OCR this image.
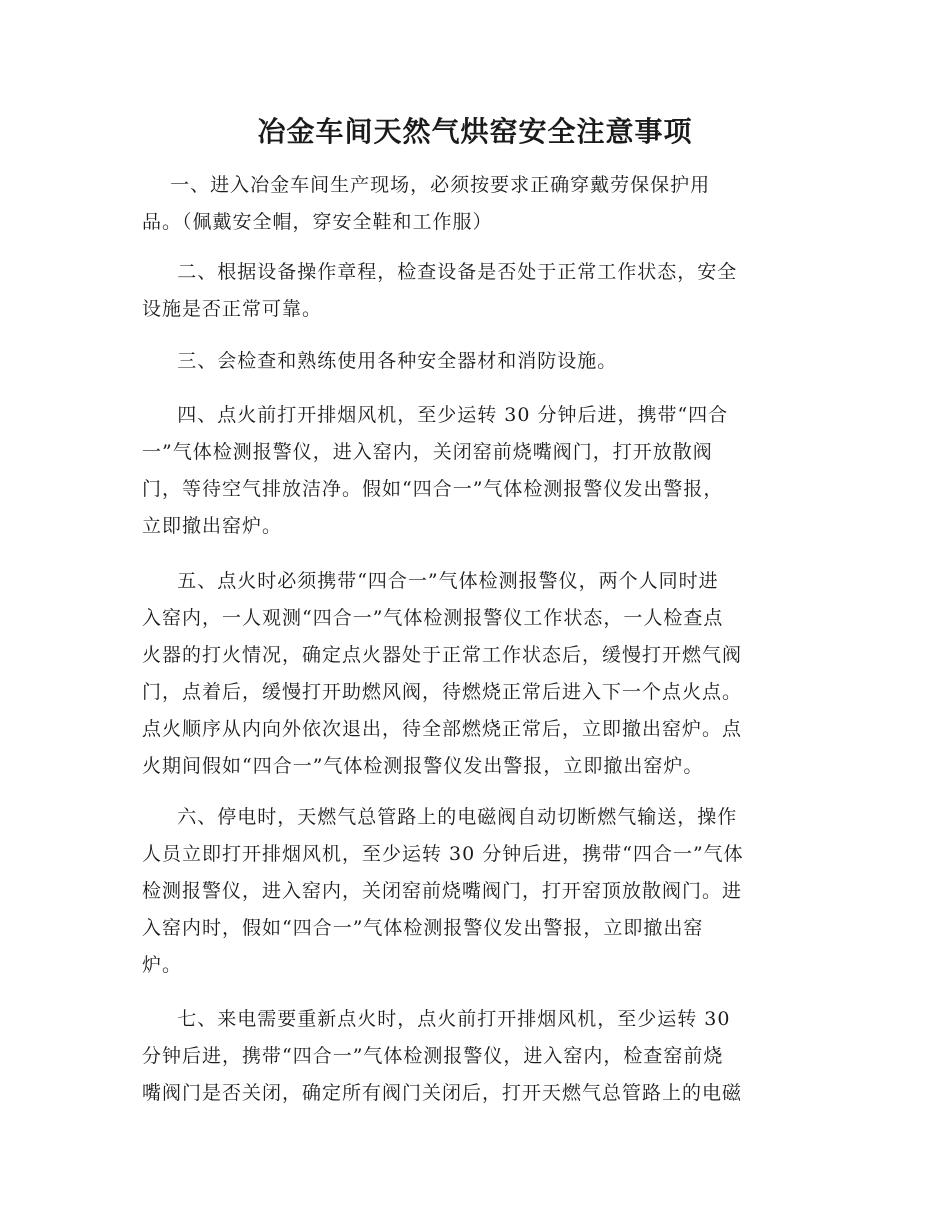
冶金车间天然气烘窑安全注意事项

一、进入冶金车间生产现场，必须按要求正确穿戴劳保保护用
品。（佩戴安全帽，穿安全鞋和工作服）

二、根据设备操作章程，检查设备是否处于正常工作状态，安全
设施是否正常可靠。

三、会检查和熟练使用各种安全器材和消防设施。

四、点火前打开排烟风机，至少运转 30 分钟后进，携带“四合
一”气体检测报警仪，进入窑内，关闭窑前烧嘴阀门，打开放散阀
门，等待空气排放洁净。假如“四合一”气体检测报警仪发出警报，
立即撤出窑炉。

五、点火时必须携带“四合一”气体检测报警仪，两个人同时进
入窑内，一人观测“四合一”气体检测报警仪工作状态，一人检查点
火器的打火情况，确定点火器处于正常工作状态后，缓慢打开燃气阀
门，点着后，缓慢打开助燃风阀，待燃烧正常后进入下一个点火点。
点火顺序从内向外依次退出，待全部燃烧正常后，立即撤出窑炉。点
火期间假如“四合一”气体检测报警仪发出警报，立即撤出窑炉。

六、停电时，天燃气总管路上的电磁阀自动切断燃气输送，操作
人员立即打开排烟风机，至少运转 30 分钟后进，携带“四合一”气体
检测报警仪，进入窑内，关闭窑前烧嘴阀门，打开窑顶放散阀门。进
入窑内时，假如“四合一”气体检测报警仪发出警报，立即撤出窑
炉。

七、来电需要重新点火时，点火前打开排烟风机，至少运转 30
分钟后进，携带“四合一”气体检测报警仪，进入窑内，检查窑前烧
嘴阀门是否关闭，确定所有阀门关闭后，打开天燃气总管路上的电磁
